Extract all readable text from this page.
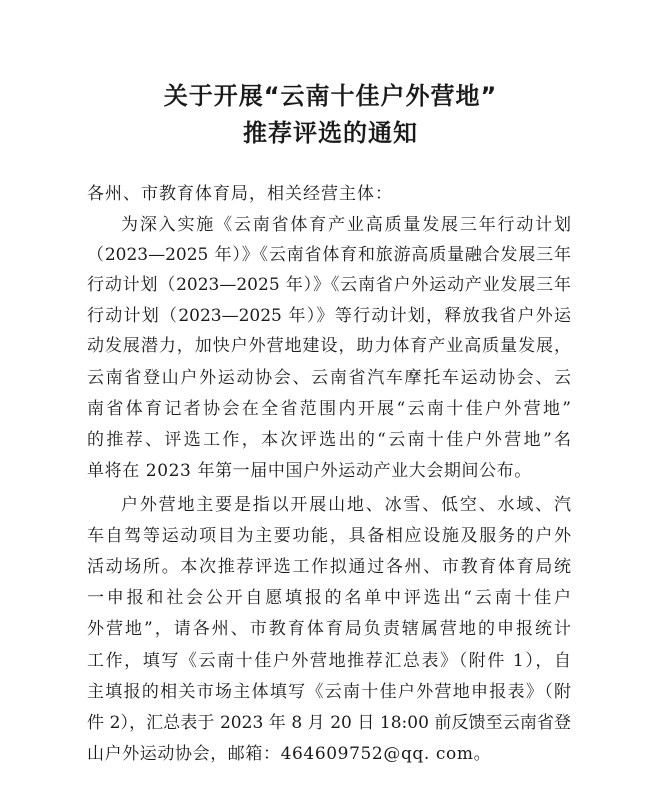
关于开展“云南十佳户外营地”
推荐评选的通知
各州、市教育体育局，相关经营主体：
为深入实施《云南省体育产业高质量发展三年行动计划
（2023—2025 年）》《云南省体育和旅游高质量融合发展三年
行动计划（2023—2025 年）》《云南省户外运动产业发展三年
行动计划（2023—2025 年）》等行动计划，释放我省户外运
动发展潜力，加快户外营地建设，助力体育产业高质量发展，
云南省登山户外运动协会、云南省汽车摩托车运动协会、云
南省体育记者协会在全省范围内开展“云南十佳户外营地”
的推荐、评选工作，本次评选出的“云南十佳户外营地”名
单将在 2023 年第一届中国户外运动产业大会期间公布。
户外营地主要是指以开展山地、冰雪、低空、水域、汽
车自驾等运动项目为主要功能，具备相应设施及服务的户外
活动场所。本次推荐评选工作拟通过各州、市教育体育局统
一申报和社会公开自愿填报的名单中评选出“云南十佳户
外营地”，请各州、市教育体育局负责辖属营地的申报统计
工作，填写《云南十佳户外营地推荐汇总表》（附件 1），自
主填报的相关市场主体填写《云南十佳户外营地申报表》（附
件 2），汇总表于 2023 年 8 月 20 日 18:00 前反馈至云南省登
山户外运动协会，邮箱：464609752@qq. com。
